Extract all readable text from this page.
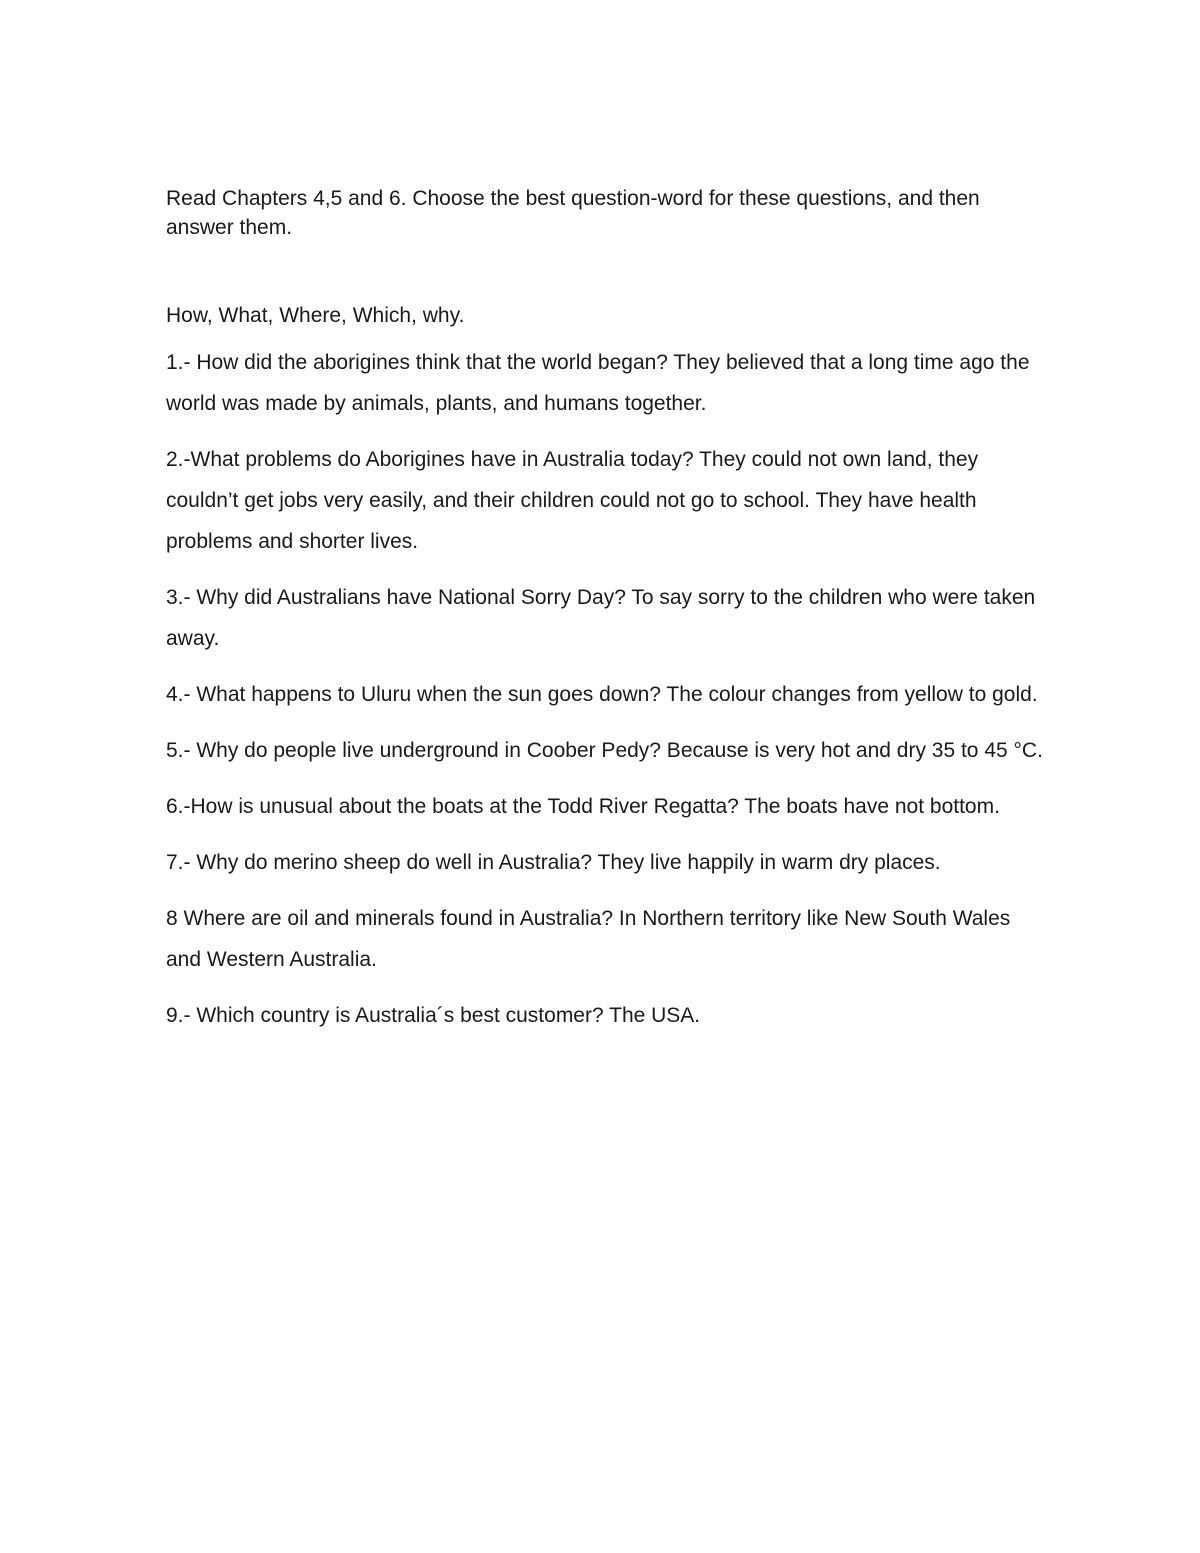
Read Chapters 4,5 and 6. Choose the best question-word for these questions, and then answer them.

How, What, Where, Which, why.

1.- How did the aborigines think that the world began? They believed that a long time ago the world was made by animals, plants, and humans together.
2.-What problems do Aborigines have in Australia today? They could not own land, they couldn’t get jobs very easily, and their children could not go to school. They have health problems and shorter lives.
3.- Why did Australians have National Sorry Day? To say sorry to the children who were taken away.
4.- What happens to Uluru when the sun goes down? The colour changes from yellow to gold.
5.- Why do people live underground in Coober Pedy? Because is very hot and dry 35 to 45 °C.
6.-How is unusual about the boats at the Todd River Regatta? The boats have not bottom.
7.- Why do merino sheep do well in Australia? They live happily in warm dry places.
8 Where are oil and minerals found in Australia? In Northern territory like New South Wales and Western Australia.
9.- Which country is Australia´s best customer? The USA.
